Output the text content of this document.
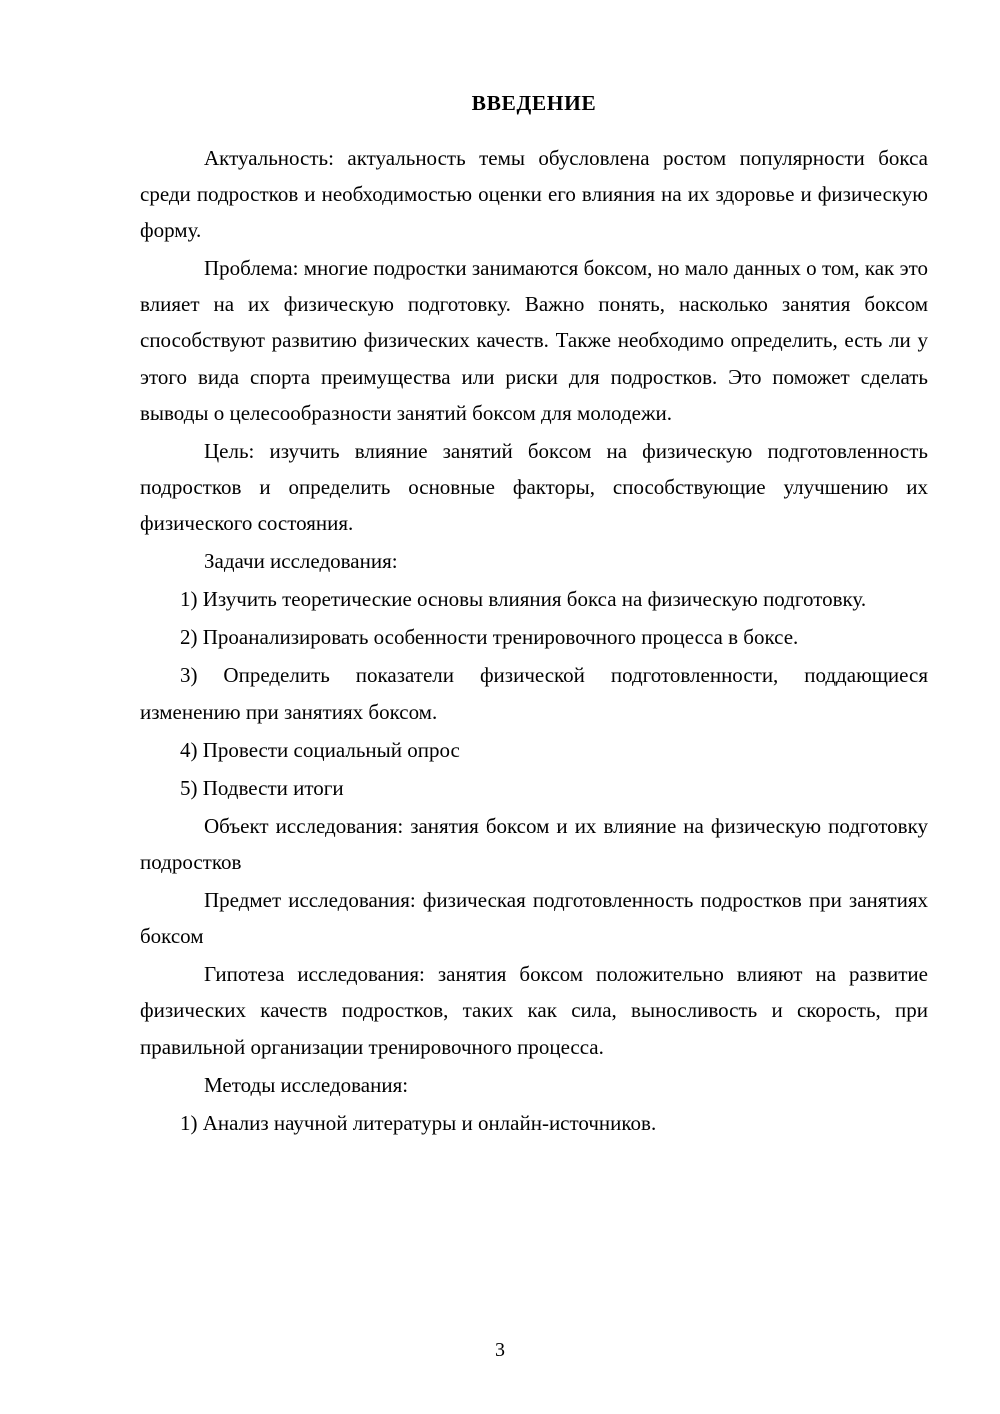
ВВЕДЕНИЕ

Актуальность: актуальность темы обусловлена ростом популярности бокса среди подростков и необходимостью оценки его влияния на их здоровье и физическую форму.

Проблема: многие подростки занимаются боксом, но мало данных о том, как это влияет на их физическую подготовку. Важно понять, насколько занятия боксом способствуют развитию физических качеств. Также необходимо определить, есть ли у этого вида спорта преимущества или риски для подростков. Это поможет сделать выводы о целесообразности занятий боксом для молодежи.

Цель: изучить влияние занятий боксом на физическую подготовленность подростков и определить основные факторы, способствующие улучшению их физического состояния.

Задачи исследования:

1) Изучить теоретические основы влияния бокса на физическую подготовку.

2) Проанализировать особенности тренировочного процесса в боксе.

3) Определить показатели физической подготовленности, поддающиеся изменению при занятиях боксом.

4) Провести социальный опрос

5) Подвести итоги

Объект исследования: занятия боксом и их влияние на физическую подготовку подростков

Предмет исследования: физическая подготовленность подростков при занятиях боксом

Гипотеза исследования: занятия боксом положительно влияют на развитие физических качеств подростков, таких как сила, выносливость и скорость, при правильной организации тренировочного процесса.

Методы исследования:

1) Анализ научной литературы и онлайн-источников.

3
